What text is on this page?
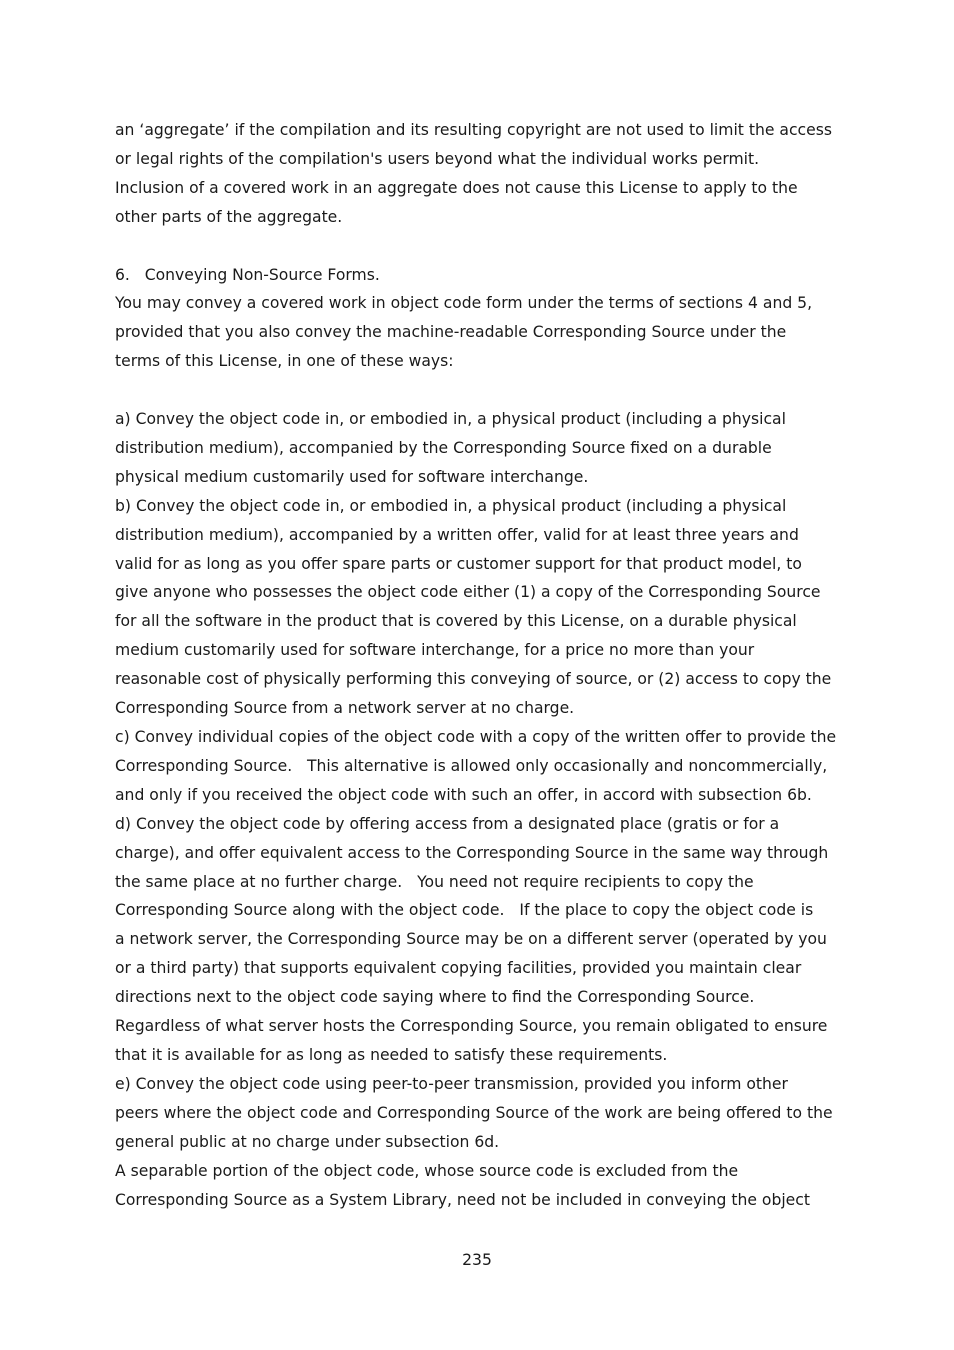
an ‘aggregate’ if the compilation and its resulting copyright are not used to limit the access

or legal rights of the compilation's users beyond what the individual works permit.

Inclusion of a covered work in an aggregate does not cause this License to apply to the

other parts of the aggregate.

6.   Conveying Non-Source Forms.

You may convey a covered work in object code form under the terms of sections 4 and 5,

provided that you also convey the machine-readable Corresponding Source under the

terms of this License, in one of these ways:

a) Convey the object code in, or embodied in, a physical product (including a physical

distribution medium), accompanied by the Corresponding Source fixed on a durable

physical medium customarily used for software interchange.

b) Convey the object code in, or embodied in, a physical product (including a physical

distribution medium), accompanied by a written offer, valid for at least three years and

valid for as long as you offer spare parts or customer support for that product model, to

give anyone who possesses the object code either (1) a copy of the Corresponding Source

for all the software in the product that is covered by this License, on a durable physical

medium customarily used for software interchange, for a price no more than your

reasonable cost of physically performing this conveying of source, or (2) access to copy the

Corresponding Source from a network server at no charge.

c) Convey individual copies of the object code with a copy of the written offer to provide the

Corresponding Source.   This alternative is allowed only occasionally and noncommercially,

and only if you received the object code with such an offer, in accord with subsection 6b.

d) Convey the object code by offering access from a designated place (gratis or for a

charge), and offer equivalent access to the Corresponding Source in the same way through

the same place at no further charge.   You need not require recipients to copy the

Corresponding Source along with the object code.   If the place to copy the object code is

a network server, the Corresponding Source may be on a different server (operated by you

or a third party) that supports equivalent copying facilities, provided you maintain clear

directions next to the object code saying where to find the Corresponding Source.

Regardless of what server hosts the Corresponding Source, you remain obligated to ensure

that it is available for as long as needed to satisfy these requirements.

e) Convey the object code using peer-to-peer transmission, provided you inform other

peers where the object code and Corresponding Source of the work are being offered to the

general public at no charge under subsection 6d.

A separable portion of the object code, whose source code is excluded from the

Corresponding Source as a System Library, need not be included in conveying the object

235
